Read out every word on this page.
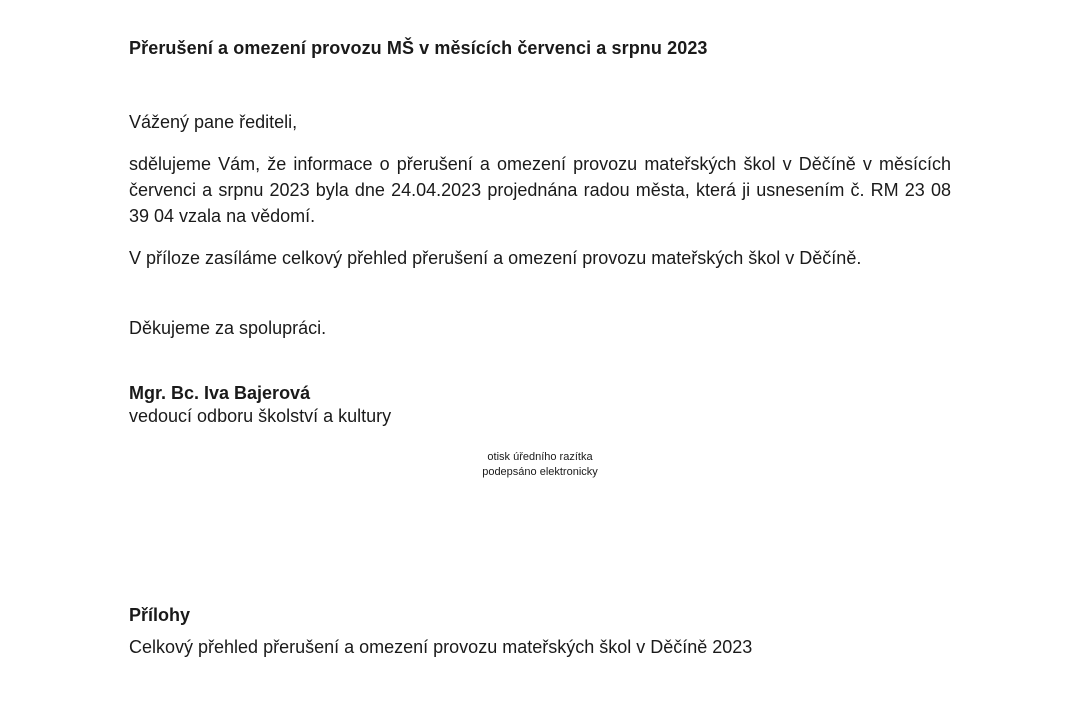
Přerušení a omezení provozu MŠ v měsících červenci a srpnu 2023

Vážený pane řediteli,

sdělujeme Vám, že informace o přerušení a omezení provozu mateřských škol v Děčíně v měsících červenci a srpnu 2023 byla dne 24.04.2023 projednána radou města, která ji usnesením č. RM 23 08 39 04 vzala na vědomí.

V příloze zasíláme celkový přehled přerušení a omezení provozu mateřských škol v Děčíně.

Děkujeme za spolupráci.

Mgr. Bc. Iva Bajerová
vedoucí odboru školství a kultury
otisk úředního razítka
podepsáno elektronicky
Přílohy
Celkový přehled přerušení a omezení provozu mateřských škol v Děčíně 2023
